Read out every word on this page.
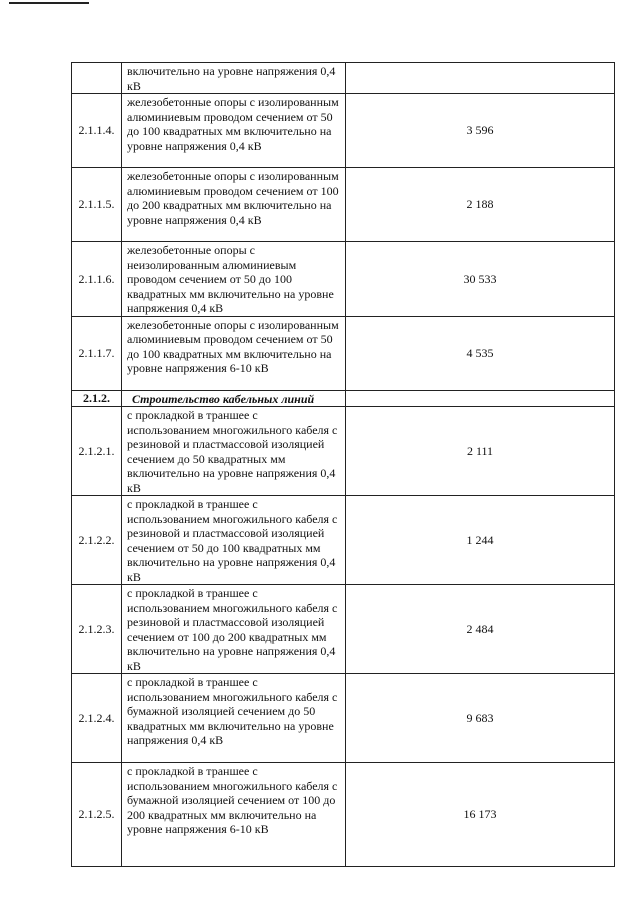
	включительно на уровне напряжения 0,4 кВ	
2.1.1.4.	железобетонные опоры с изолированным алюминиевым проводом сечением от 50 до 100 квадратных мм включительно на уровне напряжения 0,4 кВ	3 596
2.1.1.5.	железобетонные опоры с изолированным алюминиевым проводом сечением от 100 до 200 квадратных мм включительно на уровне напряжения 0,4 кВ	2 188
2.1.1.6.	железобетонные опоры с неизолированным алюминиевым проводом сечением от 50 до 100 квадратных мм включительно на уровне напряжения 0,4 кВ	30 533
2.1.1.7.	железобетонные опоры с изолированным алюминиевым проводом сечением от 50 до 100 квадратных мм включительно на уровне напряжения 6-10 кВ	4 535
2.1.2.	Строительство кабельных линий	
2.1.2.1.	с прокладкой в траншее с использованием многожильного кабеля с резиновой и пластмассовой изоляцией сечением до 50 квадратных мм включительно на уровне напряжения 0,4 кВ	2 111
2.1.2.2.	с прокладкой в траншее с использованием многожильного кабеля с резиновой и пластмассовой изоляцией сечением от 50 до 100 квадратных мм включительно на уровне напряжения 0,4 кВ	1 244
2.1.2.3.	с прокладкой в траншее с использованием многожильного кабеля с резиновой и пластмассовой изоляцией сечением от 100 до 200 квадратных мм включительно на уровне напряжения 0,4 кВ	2 484
2.1.2.4.	с прокладкой в траншее с использованием многожильного кабеля с бумажной изоляцией сечением до 50 квадратных мм включительно на уровне напряжения 0,4 кВ	9 683
2.1.2.5.	с прокладкой в траншее с использованием многожильного кабеля с бумажной изоляцией сечением от 100 до 200 квадратных мм включительно на уровне напряжения 6-10 кВ	16 173
